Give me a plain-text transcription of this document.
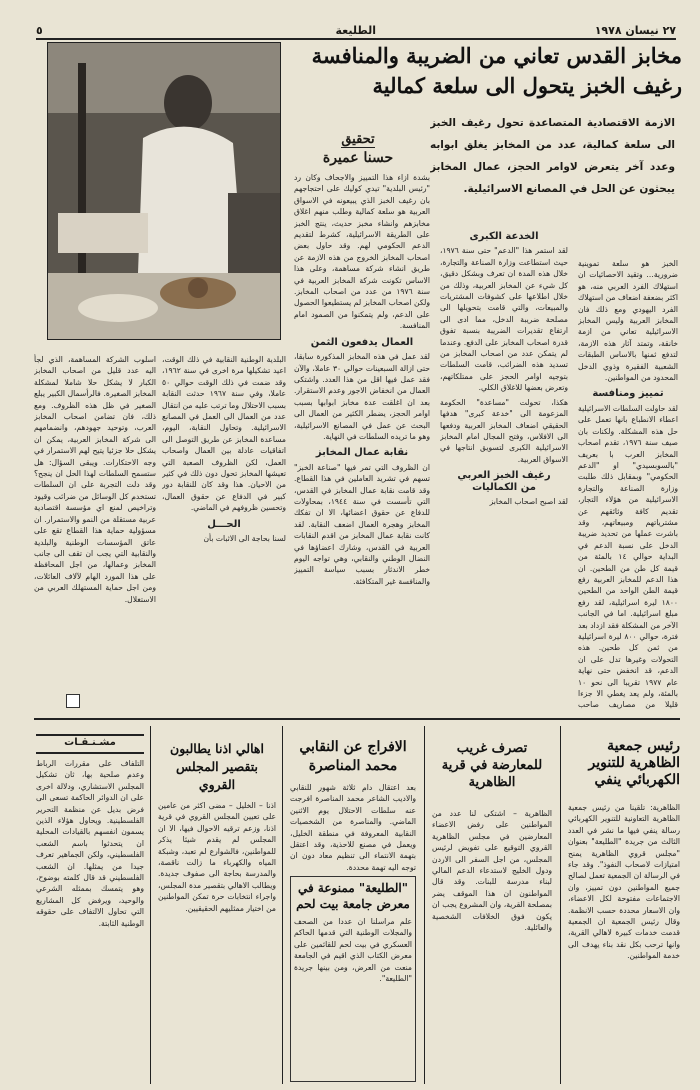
٢٧ نيسان ١٩٧٨
الطليعة
٥
مخابز القدس تعاني من الضريبة والمنافسة
رغيف الخبز يتحول الى سلعة كمالية
الازمة الاقتصادية المتصاعدة تحول رغيف الخبز الى سلعة كمالية، عدد من المخابز يغلق ابوابه وعدد آخر يتعرض لاوامر الحجز، عمال المخابز يبحثون عن الحل في المصانع الاسرائيلية.
تحقيق
حسنا عميرة

الخبز هو سلعة تموينية ضرورية… وتقيد الاحصائيات ان استهلاك الفرد العربي منه، هو اكثر بضعفة اضعاف من استهلاك الفرد اليهودي ومع ذلك فان المخابز العربية وليس المخابز الاسرائيلية تعاني من ازمة خانقة، وتمتد آثار هذه الازمة، لتدفع ثمنها بالاساس الطبقات الشعبية الفقيرة وذوي الدخل المحدود من المواطنين.

تمييز ومنافسة

لقد حاولت السلطات الاسرائيلية اعطاء الانطباع بانها تعمل على حل هذه المشكلة. ولكنات بان صيف سنة ١٩٧٦، تقدم اصحاب المخابز العرب با بعريف "بالسوبسيدي" او "الدعم الحكومي" وبمقابل ذلك طلبت وزارة الصناعة والتجارة الاسرائيلية من هؤلاء التجار، تقديم كافة وثائقهم عن مشترياتهم ومبيعاتهم، وقد باشرت عملها من تحديد ضريبة الدخل على نسبة الدعم في البداية حوالي ١٤ بالمئة من قيمة كل طن من الطحين. ان هذا الدعم للمخابز العربية رفع قيمة الطن الواحد من الطحين ١٨٠٠ ليرة اسرائيلية، لقد رفع مبلغ اسرائيلية. اما في الجانب الآخر من المشكلة فقد ازداد بعد فترة، حوالي ٨٠٠ ليرة اسرائيلية من ثمن كل طحين. هذه التحولات وغيرها تدل على ان الدعم، قد انخفض حتى نهاية عام ١٩٧٧ تقريبا الى نحو ١٠ بالمئة، ولم يعد يغطي الا جزءا قليلا من مصاريف صاحب

الخدعة الكبرى

لقد استمر هذا "الدعم" حتى سنة ١٩٧٦، حيث استطاعت وزارة الصناعة والتجارة، خلال هذه المدة ان تعرف وبشكل دقيق، كل شيء عن المخابز العربية، وذلك من خلال اطلاعها على كشوفات المشتريات والمبيعات، والتي قامت بتحويلها الى مصلحة ضريبة الدخل، مما ادى الى ارتفاع تقديرات الضريبة بنسبة تفوق قدرة اصحاب المخابز على الدفع. وعندما لم يتمكن عدد من اصحاب المخابز من تسديد هذه الضرائب، قامت السلطات بتوجيه اوامر الحجز على ممتلكاتهم، وتعرض بعضها للاغلاق الكلي.

هكذا، تحولت "مساعدة" الحكومة المزعومة الى "خدعة كبرى" هدفها الحقيقي اضعاف المخابز العربية ودفعها الى الافلاس، وفتح المجال امام المخابز الاسرائيلية الكبرى لتسويق انتاجها في الاسواق العربية.

رغيف الخبز العربي
من الكماليات

لقد اصبح اصحاب المخابز

بشدة ازاء هذا التمييز والاجحاف وكان رد "رئيس البلدية" تيدي كوليك على احتجاجهم بان رغيف الخبز الذي يبيعونه في الاسواق العربية هو سلعة كمالية وطلب منهم اغلاق مخابزهم وانشاء مخبز حديث، ينتج الخبز على الطريقة الاسرائيلية، كشرط لتقديم الدعم الحكومي لهم. وقد حاول بعض اصحاب المخابز الخروج من هذه الازمة عن طريق انشاء شركة مساهمة، وعلى هذا الاساس تكونت شركة المخابز العربية في سنة ١٩٧٦ من عدد من اصحاب المخابز. ولكن اصحاب المخابز لم يستطيعوا الحصول على الدعم، ولم يتمكنوا من الصمود امام المنافسة.

العمال يدفعون الثمن

لقد عمل في هذه المخابز المذكورة سابقا، حتى ازالة السبعينات حوالي ٣٠ عاملا، والآن فقد عمل فيها اقل من هذا العدد. واشتكى العمال من انخفاض الاجور وعدم الاستقرار. بعد ان اغلقت عدة مخابز ابوابها بسبب اوامر الحجز، يضطر الكثير من العمال الى البحث عن عمل في المصانع الاسرائيلية، وهو ما تريده السلطات في النهاية.

نقابة عمال المخابز

ان الظروف التي تمر فيها "صناعة الخبز" تسهم في تشريد العاملين في هذا القطاع. وقد قامت نقابة عمال المخابز في القدس، التي تأسست في سنة ١٩٤٤، بمحاولات للدفاع عن حقوق اعضائها، الا ان تفكك المخابز وهجرة العمال اضعف النقابة. لقد كانت نقابة عمال المخابز من اقدم النقابات العربية في القدس، وشارك اعضاؤها في النضال الوطني والنقابي، وهي تواجه اليوم خطر الاندثار بسبب سياسة التمييز والمنافسة غير المتكافئة.

البلدية الوطنية النقابية في ذلك الوقت، اعيد تشكيلها مرة اخرى في سنة ١٩٦٢، وقد ضمت في ذلك الوقت حوالي ٥٠ عاملا، وفي سنة ١٩٦٧ حدثت النقابة بسبب الاحتلال وما ترتب عليه من انتقال عدد من العمال الى العمل في المصانع الاسرائيلية. وتحاول النقابة، اليوم، مساعدة المخابز عن طريق التوصل الى اتفاقيات عادلة بين العمال واصحاب العمل، لكن الظروف الصعبة التي تعيشها المخابز تحول دون ذلك في كثير من الاحيان. هذا وقد كان للنقابة دور كبير في الدفاع عن حقوق العمال، وتحسين ظروفهم في الماضي.

الحـــل

لسنا بحاجة الى الاثبات بأن

اسلوب الشركة المساهمة، الذي لجأ اليه عدد قليل من اصحاب المخابز الكبار لا يشكل حلا شاملا لمشكلة المخابز الصغيرة. فالرأسمال الكبير يبلع الصغير في ظل هذه الظروف. ومع ذلك، فان تضامن اصحاب المخابز العرب، وتوحيد جهودهم، وانضمامهم الى شركة المخابز العربية، يمكن ان يشكل حلا جزئيا يتيح لهم الاستمرار في وجه الاحتكارات. ويبقى السؤال: هل ستسمح السلطات لهذا الحل ان ينجح؟ وقد دلت التجربة على ان السلطات تستخدم كل الوسائل من ضرائب وقيود وتراخيص لمنع اي مؤسسة اقتصادية عربية مستقلة من النمو والاستمرار. ان مسؤولية حماية هذا القطاع تقع على عاتق المؤسسات الوطنية والبلدية والنقابية التي يجب ان تقف الى جانب المخابز وعمالها، من اجل المحافظة على هذا المورد الهام لآلاف العائلات، ومن اجل حماية المستهلك العربي من الاستغلال.

رئيس جمعية الظاهرية للتنوير الكهربائي ينفي
الظاهرية: تلقينا من رئيس جمعية الظاهرية التعاونية للتنوير الكهربائي رسالة ينفي فيها ما نشر في العدد الثالث من جريدة "الطليعة" بعنوان "مجلس قروي الظاهرية يمنح امتيازات لاصحاب النفوذ". وقد جاء في الرسالة ان الجمعية تعمل لصالح جميع المواطنين دون تمييز، وان الاجتماعات مفتوحة لكل الاعضاء، وان الاسعار محددة حسب الانظمة. وقال رئيس الجمعية ان الجمعية قدمت خدمات كبيرة لاهالي القرية، وانها ترحب بكل نقد بناء يهدف الى خدمة المواطنين.
تصرف غريب للمعارضة في قرية الظاهرية
الظاهرية – اشتكى لنا عدد من المواطنين على رفض الاعضاء المعارضين في مجلس الظاهرية القروي التوقيع على تفويض لرئيس المجلس، من اجل السفر الى الاردن ودول الخليج لاستدعاء الدعم المالي لبناء مدرسة للبنات. وقد قال المواطنون ان هذا الموقف يضر بمصلحة القرية، وان المشروع يجب ان يكون فوق الخلافات الشخصية والعائلية.
الافراج عن النقابي محمد المناصرة
بعد اعتقال دام ثلاثة شهور للنقابي والاديب الشاعر محمد المناصرة افرجت عنه سلطات الاحتلال يوم الاثنين الماضي. والمناصرة من الشخصيات النقابية المعروفة في منطقة الخليل، ويعمل في مصنع للاحذية، وقد اعتقل بتهمة الانتماء الى تنظيم معاد دون ان توجه اليه تهمة محددة.
"الطليعة" ممنوعة في معرض جامعة بيت لحم
علم مراسلنا ان عددا من الصحف والمجلات الوطنية التي قدمها الحاكم العسكري في بيت لحم للقائمين على معرض الكتاب الذي اقيم في الجامعة منعت من العرض، ومن بينها جريدة "الطليعة".
اهالي اذنا يطالبون بتقصير المجلس القروي
اذنا – الخليل – مضى اكثر من عامين على تعيين المجلس القروي في قرية اذنا، وزعم ترقيه الاحوال فيها، الا ان المجلس لم يقدم شيئا يذكر للمواطنين، فالشوارع لم تعبد، وشبكة المياه والكهرباء ما زالت ناقصة، والمدرسة بحاجة الى صفوف جديدة. ويطالب الاهالي بتقصير مدة المجلس، واجراء انتخابات حرة تمكن المواطنين من اختيار ممثليهم الحقيقيين.
مشـنـقـات
التلفاف على مقررات الرباط وعدم صلحية بها، ثان تشكيل المجلس الاستشاري، ودلالة اخرى على ان الدوائر الحاكمة تسعى الى فرض بديل عن منظمة التحرير الفلسطينية. ويحاول هؤلاء الذين يسمون انفسهم بالقيادات المحلية ان يتحدثوا باسم الشعب الفلسطيني، ولكن الجماهير تعرف جيدا من يمثلها. ان الشعب الفلسطيني قد قال كلمته بوضوح، وهو يتمسك بممثله الشرعي والوحيد، ويرفض كل المشاريع التي تحاول الالتفاف على حقوقه الوطنية الثابتة.
